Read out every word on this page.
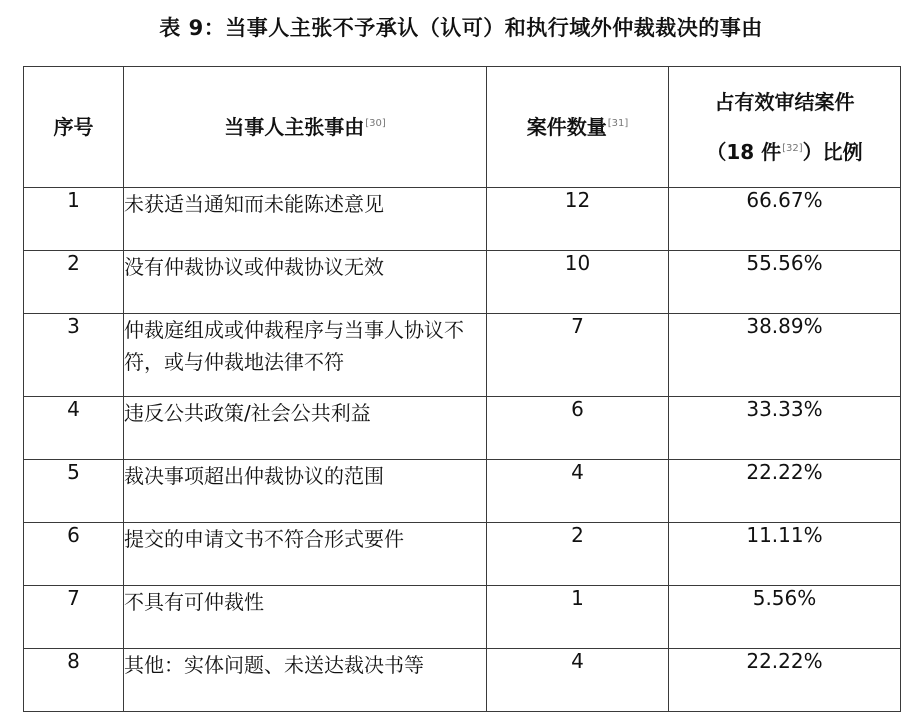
表 9：当事人主张不予承认（认可）和执行域外仲裁裁决的事由
序号	当事人主张事由[30]	案件数量[31]	占有效审结案件
（18 件[32]）比例

1	未获适当通知而未能陈述意见	12	66.67%
2	没有仲裁协议或仲裁协议无效	10	55.56%
3	仲裁庭组成或仲裁程序与当事人协议不符，或与仲裁地法律不符	7	38.89%
4	违反公共政策/社会公共利益	6	33.33%
5	裁决事项超出仲裁协议的范围	4	22.22%
6	提交的申请文书不符合形式要件	2	11.11%
7	不具有可仲裁性	1	5.56%
8	其他：实体问题、未送达裁决书等	4	22.22%
